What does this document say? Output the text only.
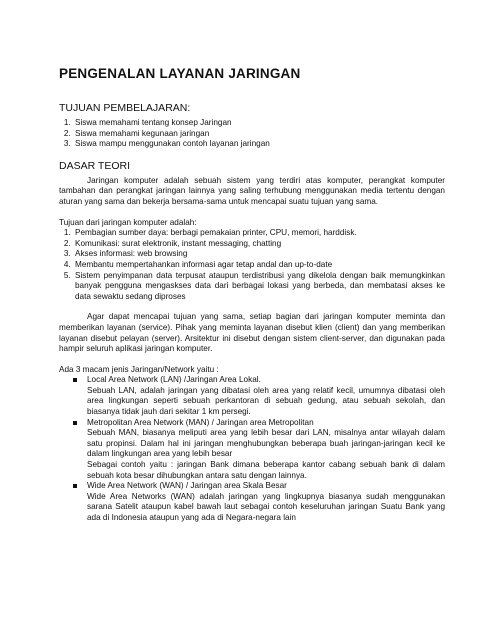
PENGENALAN LAYANAN JARINGAN
TUJUAN PEMBELAJARAN:
1. Siswa memahami tentang konsep Jaringan
2. Siswa memahami kegunaan jaringan
3. Siswa mampu menggunakan contoh layanan jaringan
DASAR TEORI
Jaringan komputer adalah sebuah sistem yang terdiri atas komputer, perangkat komputer tambahan dan perangkat jaringan lainnya yang saling terhubung menggunakan media tertentu dengan aturan yang sama dan bekerja bersama-sama untuk mencapai suatu tujuan yang sama.
Tujuan dari jaringan komputer adalah:
1. Pembagian sumber daya: berbagi pemakaian printer, CPU, memori, harddisk.
2. Komunikasi: surat elektronik, instant messaging, chatting
3. Akses informasi: web browsing
4. Membantu mempertahankan informasi agar tetap andal dan up-to-date
5. Sistem penyimpanan data terpusat ataupun terdistribusi yang dikelola dengan baik memungkinkan banyak pengguna mengaskses data dari berbagai lokasi yang berbeda, dan membatasi akses ke data sewaktu sedang diproses
Agar dapat mencapai tujuan yang sama, setiap bagian dari jaringan komputer meminta dan memberikan layanan (service). Pihak yang meminta layanan disebut klien (client) dan yang memberikan layanan disebut pelayan (server). Arsitektur ini disebut dengan sistem client-server, dan digunakan pada hampir seluruh aplikasi jaringan komputer.
Ada 3 macam jenis Jaringan/Network yaitu :
Local Area Network (LAN) /Jaringan Area Lokal.
Sebuah LAN, adalah jaringan yang dibatasi oleh area yang relatif kecil, umumnya dibatasi oleh area lingkungan seperti sebuah perkantoran di sebuah gedung, atau sebuah sekolah, dan biasanya tidak jauh dari sekitar 1 km persegi.
Metropolitan Area Network (MAN) / Jaringan area Metropolitan
Sebuah MAN, biasanya meliputi area yang lebih besar dari LAN, misalnya antar wilayah dalam satu propinsi. Dalam hal ini jaringan menghubungkan beberapa buah jaringan-jaringan kecil ke dalam lingkungan area yang lebih besar
Sebagai contoh yaitu : jaringan Bank dimana beberapa kantor cabang sebuah bank di dalam sebuah kota besar dihubungkan antara satu dengan lainnya.
Wide Area Network (WAN) / Jaringan area Skala Besar
Wide Area Networks (WAN) adalah jaringan yang lingkupnya biasanya sudah menggunakan sarana Satelit ataupun kabel bawah laut sebagai contoh keseluruhan jaringan Suatu Bank yang ada di Indonesia ataupun yang ada di Negara-negara lain
